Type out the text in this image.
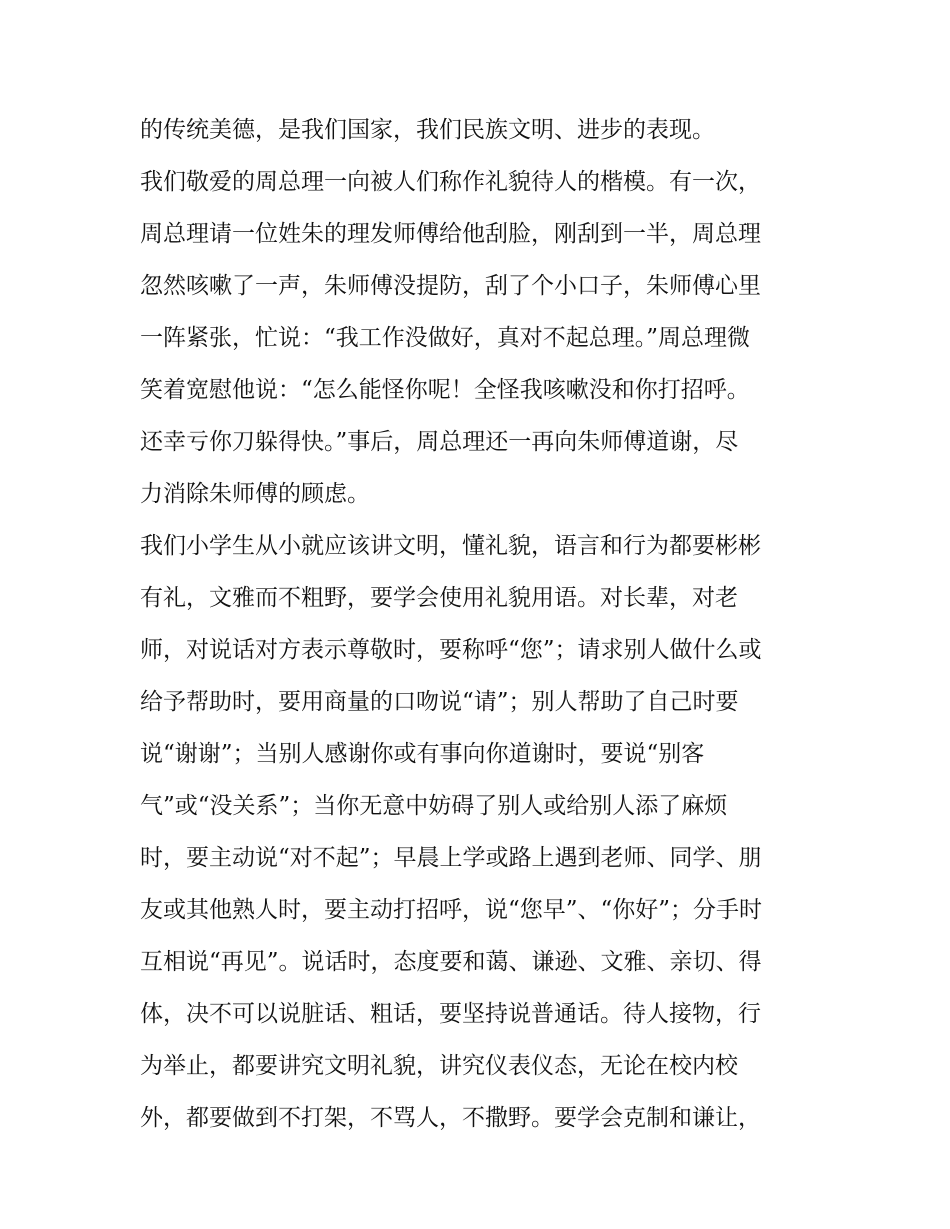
的传统美德，是我们国家，我们民族文明、进步的表现。
我们敬爱的周总理一向被人们称作礼貌待人的楷模。有一次，
周总理请一位姓朱的理发师傅给他刮脸，刚刮到一半，周总理
忽然咳嗽了一声，朱师傅没提防，刮了个小口子，朱师傅心里
一阵紧张，忙说：“我工作没做好，真对不起总理。”周总理微
笑着宽慰他说：“怎么能怪你呢！全怪我咳嗽没和你打招呼。
还幸亏你刀躲得快。”事后，周总理还一再向朱师傅道谢，尽
力消除朱师傅的顾虑。
我们小学生从小就应该讲文明，懂礼貌，语言和行为都要彬彬
有礼，文雅而不粗野，要学会使用礼貌用语。对长辈，对老
师，对说话对方表示尊敬时，要称呼“您”；请求别人做什么或
给予帮助时，要用商量的口吻说“请”；别人帮助了自己时要
说“谢谢”；当别人感谢你或有事向你道谢时，要说“别客
气”或“没关系”；当你无意中妨碍了别人或给别人添了麻烦
时，要主动说“对不起”；早晨上学或路上遇到老师、同学、朋
友或其他熟人时，要主动打招呼，说“您早”、“你好”；分手时
互相说“再见”。说话时，态度要和蔼、谦逊、文雅、亲切、得
体，决不可以说脏话、粗话，要坚持说普通话。待人接物，行
为举止，都要讲究文明礼貌，讲究仪表仪态，无论在校内校
外，都要做到不打架，不骂人，不撒野。要学会克制和谦让，
